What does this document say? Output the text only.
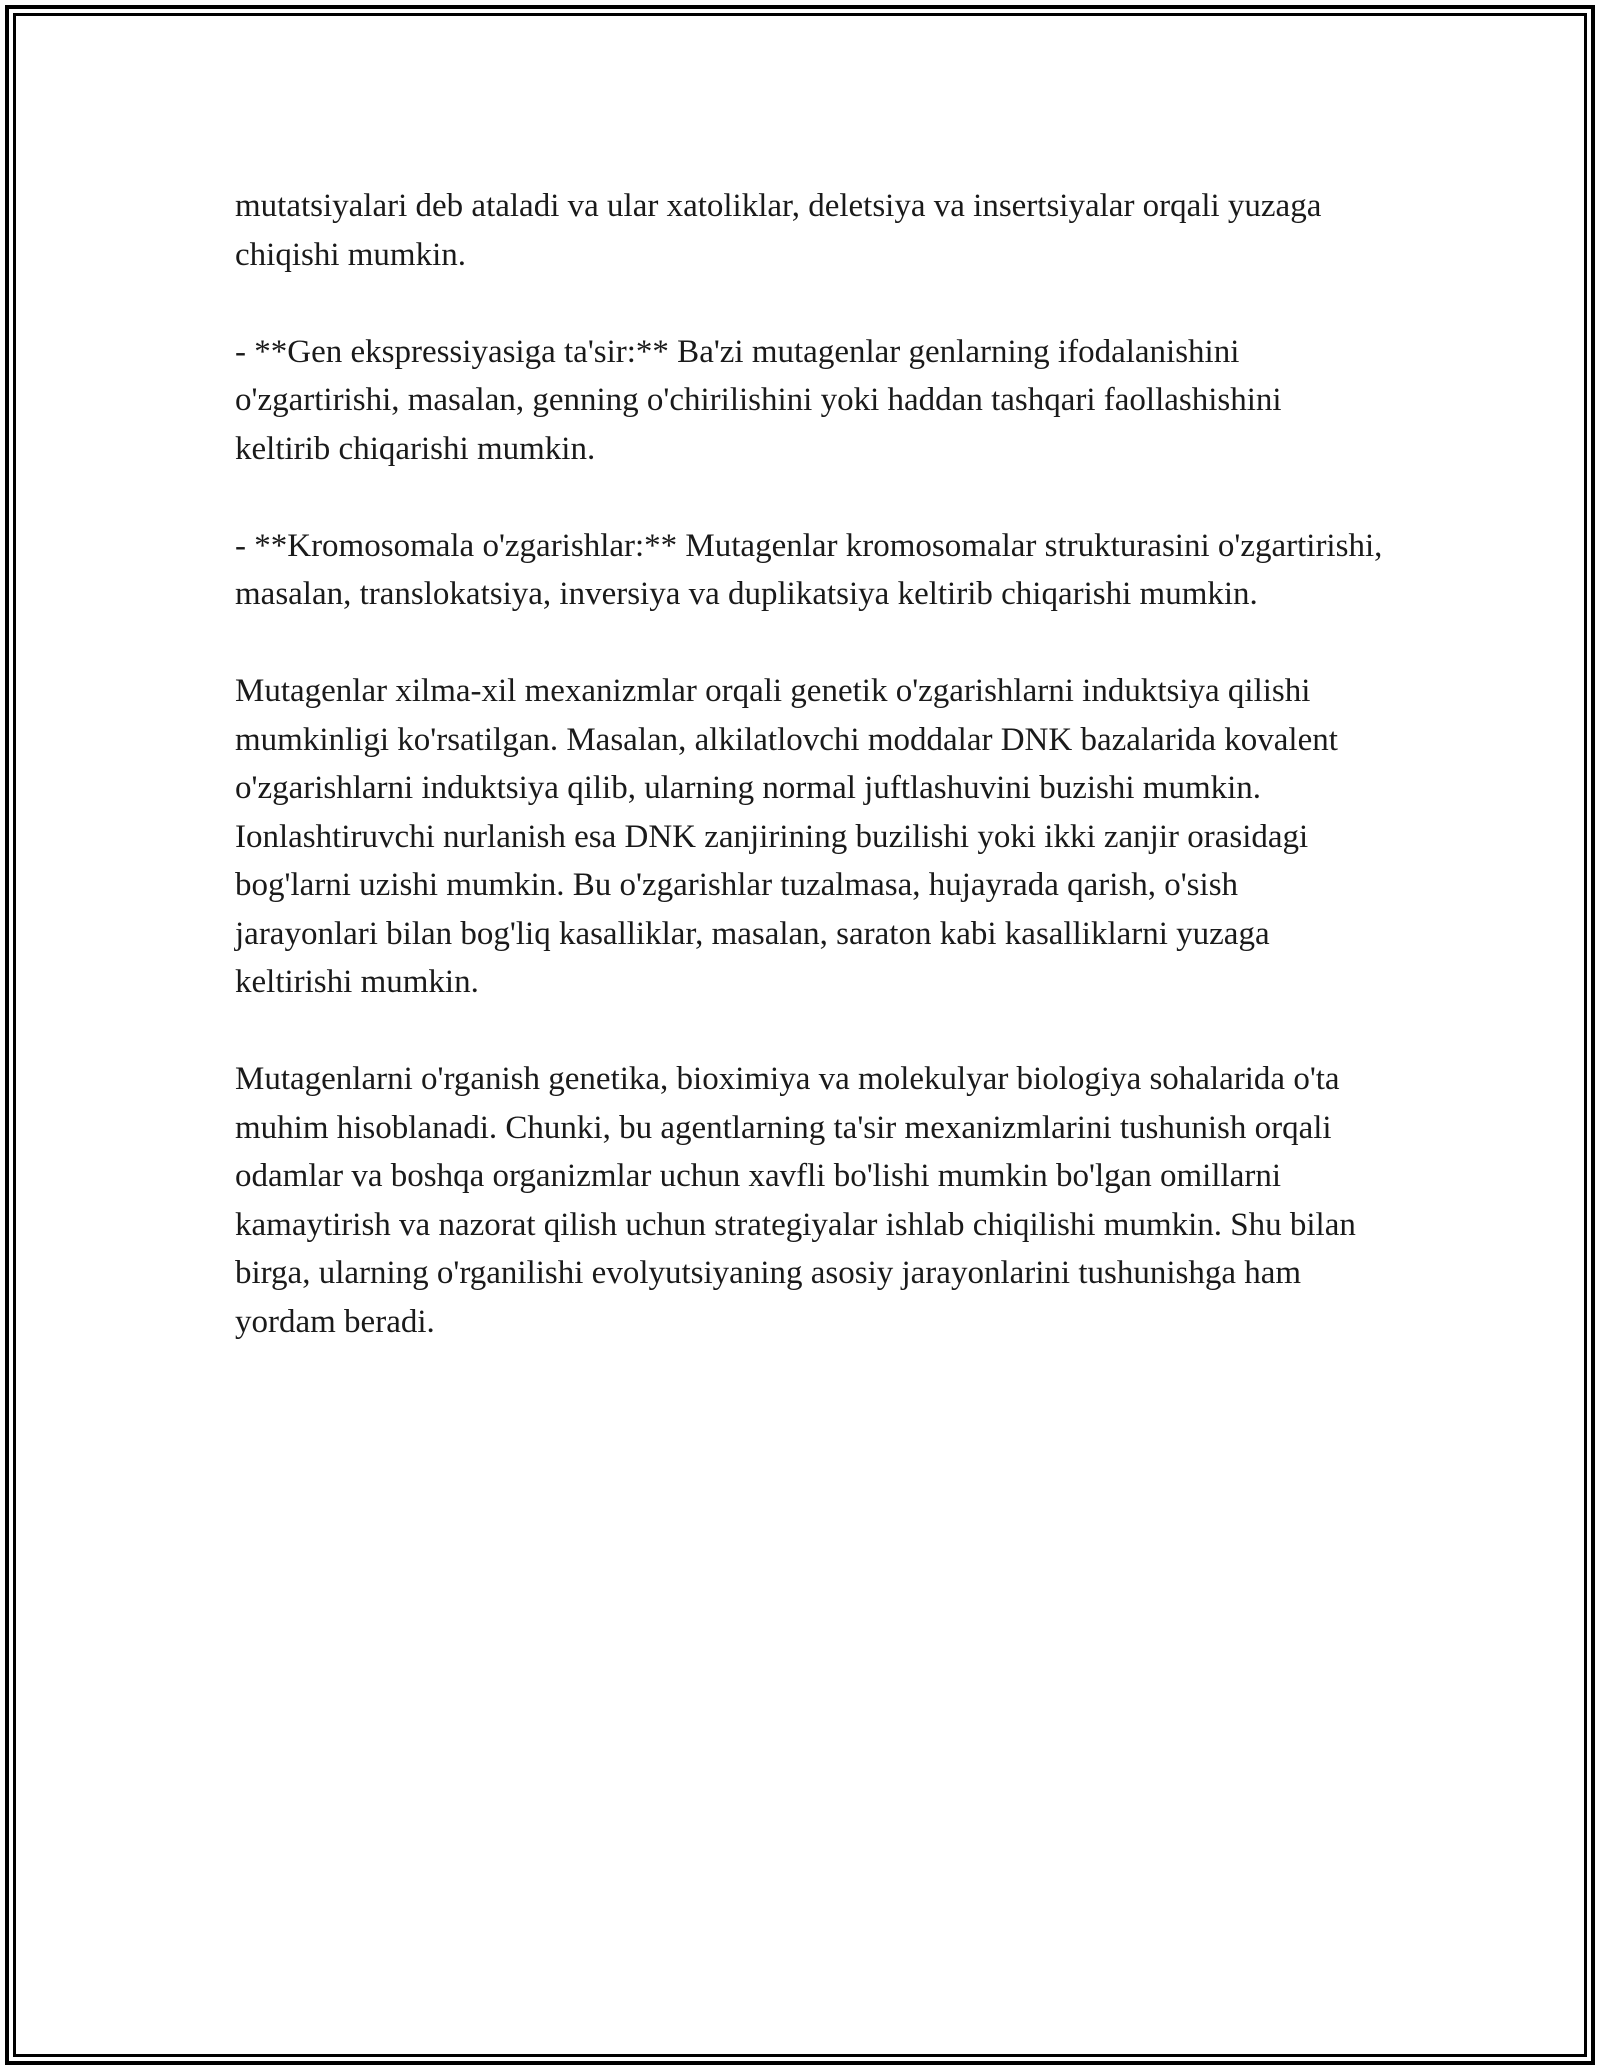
mutatsiyalari deb ataladi va ular xatoliklar, deletsiya va insertsiyalar orqali yuzaga chiqishi mumkin.

- **Gen ekspressiyasiga ta'sir:** Ba'zi mutagenlar genlarning ifodalanishini o'zgartirishi, masalan, genning o'chirilishini yoki haddan tashqari faollashishini keltirib chiqarishi mumkin.

- **Kromosomala o'zgarishlar:** Mutagenlar kromosomalar strukturasini o'zgartirishi, masalan, translokatsiya, inversiya va duplikatsiya keltirib chiqarishi mumkin.

Mutagenlar xilma-xil mexanizmlar orqali genetik o'zgarishlarni induktsiya qilishi mumkinligi ko'rsatilgan. Masalan, alkilatlovchi moddalar DNK bazalarida kovalent o'zgarishlarni induktsiya qilib, ularning normal juftlashuvini buzishi mumkin. Ionlashtiruvchi nurlanish esa DNK zanjirining buzilishi yoki ikki zanjir orasidagi bog'larni uzishi mumkin. Bu o'zgarishlar tuzalmasa, hujayrada qarish, o'sish jarayonlari bilan bog'liq kasalliklar, masalan, saraton kabi kasalliklarni yuzaga keltirishi mumkin.

Mutagenlarni o'rganish genetika, bioximiya va molekulyar biologiya sohalarida o'ta muhim hisoblanadi. Chunki, bu agentlarning ta'sir mexanizmlarini tushunish orqali odamlar va boshqa organizmlar uchun xavfli bo'lishi mumkin bo'lgan omillarni kamaytirish va nazorat qilish uchun strategiyalar ishlab chiqilishi mumkin. Shu bilan birga, ularning o'rganilishi evolyutsiyaning asosiy jarayonlarini tushunishga ham yordam beradi.
